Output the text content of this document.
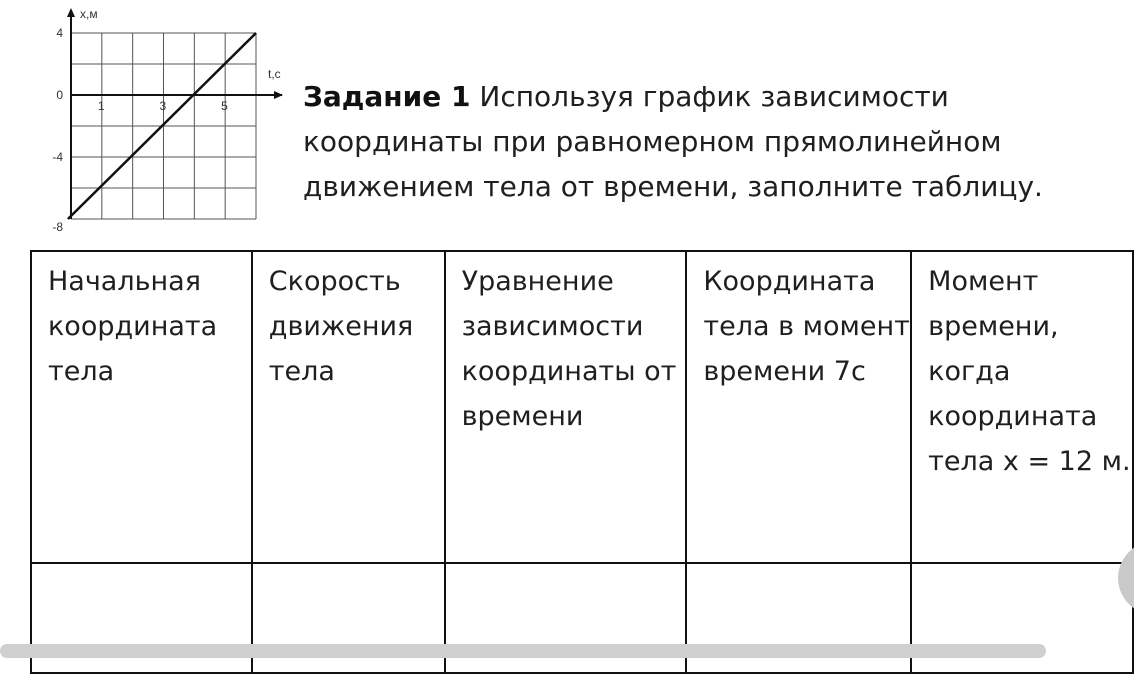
1	3	5
4
0
-4
-8
t,с
x,м
Задание 1 Используя график зависимости координаты при равномерном прямолинейном движением тела от времени, заполните таблицу.
Начальная координата тела	Скорость движения тела	Уравнение зависимости координаты от времени	Координата тела в момент времени 7с	Момент времени, когда координата тела х = 12 м.
